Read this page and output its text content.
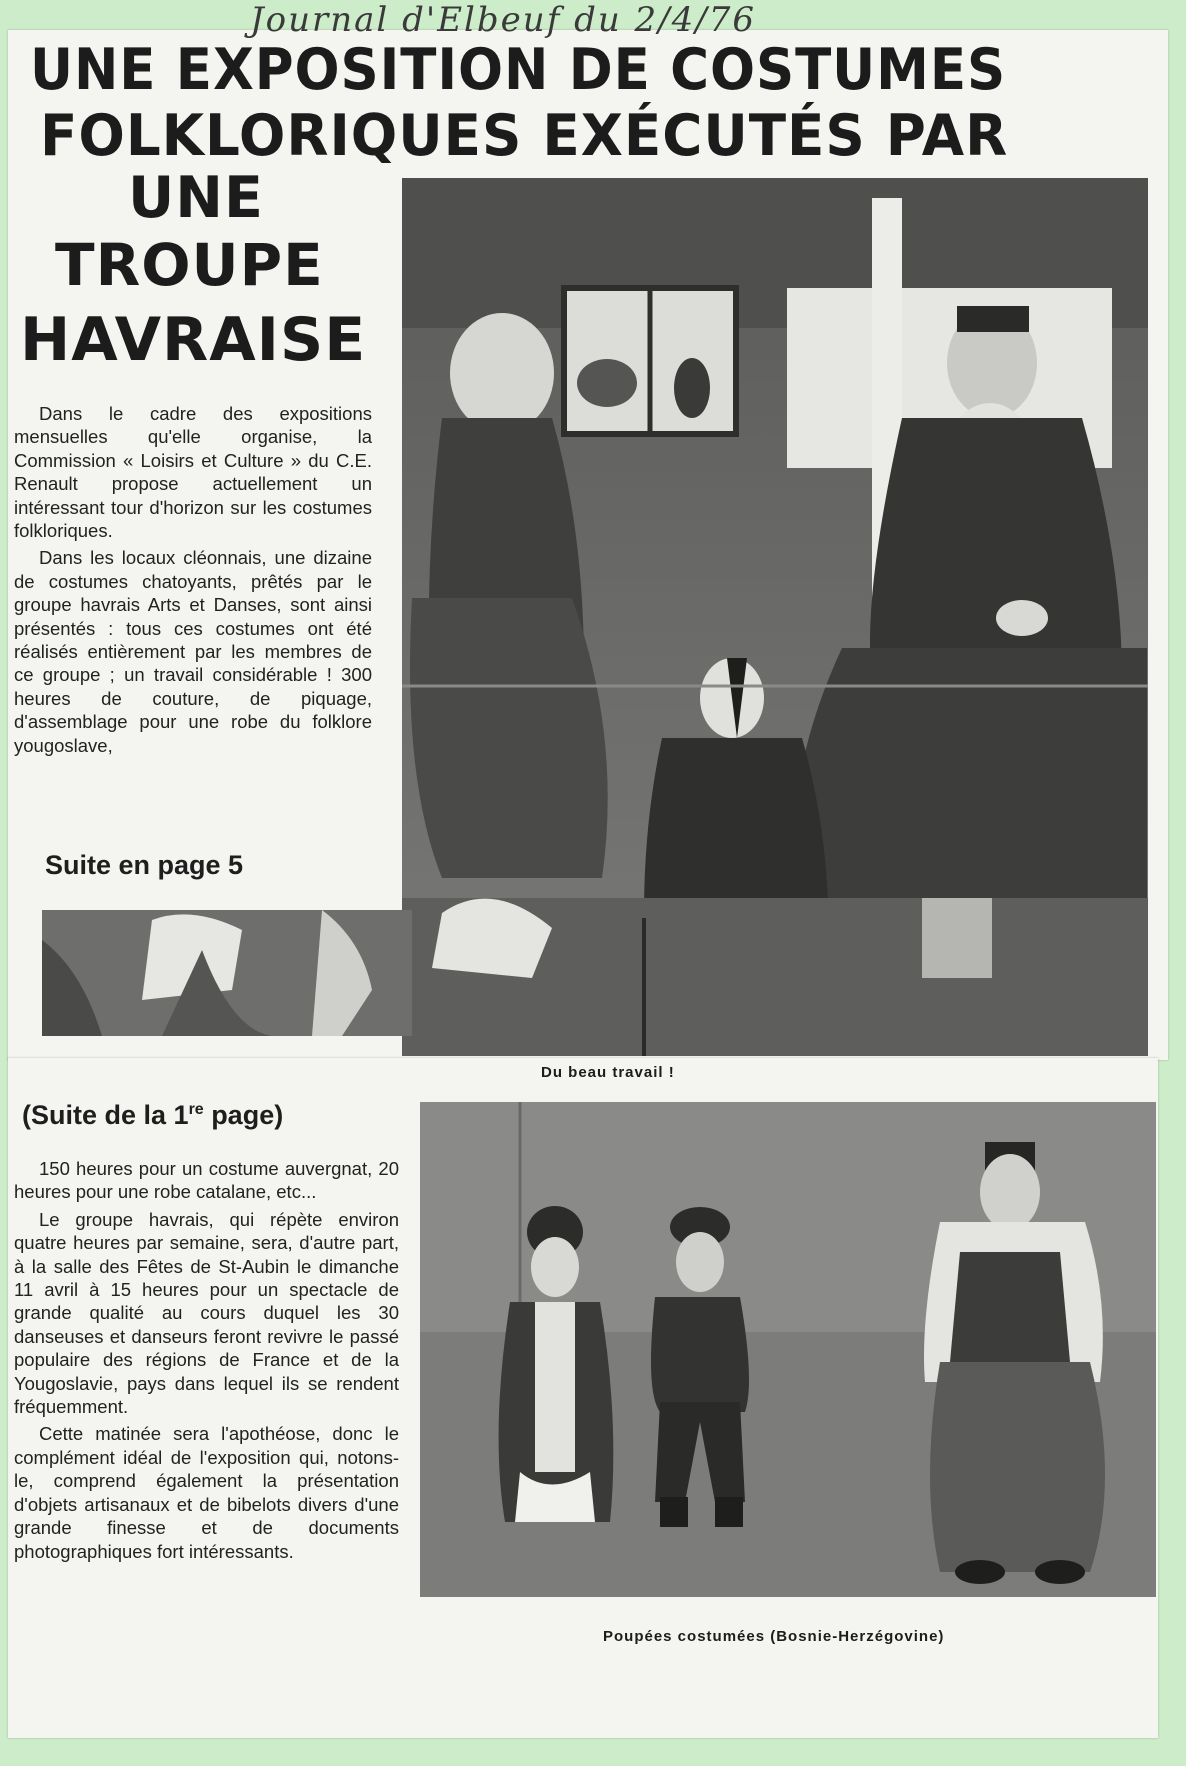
Journal d'Elbeuf du 2/4/76
UNE EXPOSITION DE COSTUMES
FOLKLORIQUES EXÉCUTÉS PAR
UNE
TROUPE
HAVRAISE

Dans le cadre des expositions mensuelles qu'elle organise, la Commission « Loisirs et Culture » du C.E. Renault propose actuellement un intéressant tour d'horizon sur les costumes folkloriques.

Dans les locaux cléonnais, une dizaine de costumes chatoyants, prêtés par le groupe havrais Arts et Danses, sont ainsi présentés : tous ces costumes ont été réalisés entièrement par les membres de ce groupe ; un travail considérable ! 300 heures de couture, de piquage, d'assemblage pour une robe du folklore yougoslave,

Suite en page 5
Du beau travail !
(Suite de la 1re page)

150 heures pour un costume auvergnat, 20 heures pour une robe catalane, etc...

Le groupe havrais, qui répète environ quatre heures par semaine, sera, d'autre part, à la salle des Fêtes de St-Aubin le dimanche 11 avril à 15 heures pour un spectacle de grande qualité au cours duquel les 30 danseuses et danseurs feront revivre le passé populaire des régions de France et de la Yougoslavie, pays dans lequel ils se rendent fréquemment.

Cette matinée sera l'apothéose, donc le complément idéal de l'exposition qui, notons-le, comprend également la présentation d'objets artisanaux et de bibelots divers d'une grande finesse et de documents photographiques fort intéressants.

Poupées costumées (Bosnie-Herzégovine)
